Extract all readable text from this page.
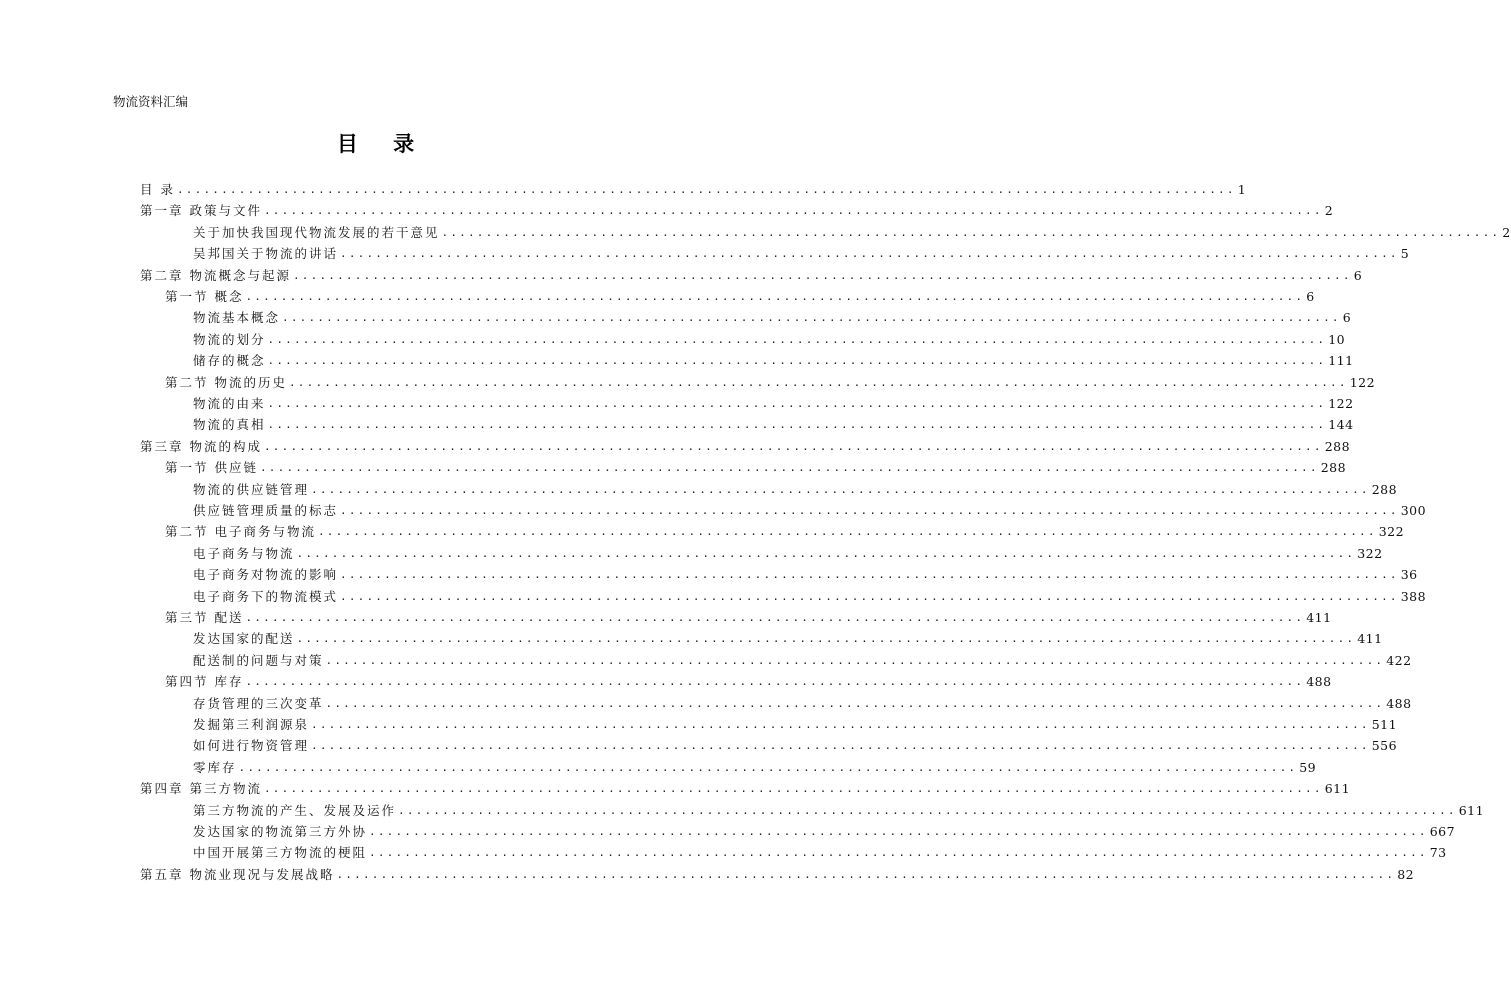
物流资料汇编
目 录
目 录 ........................................................................................................................ 1
第一章 政策与文件 ........................................................................................................................ 2
关于加快我国现代物流发展的若干意见 ........................................................................................................................ 2
吴邦国关于物流的讲话 ........................................................................................................................ 5
第二章 物流概念与起源 ........................................................................................................................ 6
第一节 概念 ........................................................................................................................ 6
物流基本概念 ........................................................................................................................ 6
物流的划分 ........................................................................................................................ 10
储存的概念 ........................................................................................................................ 111
第二节 物流的历史 ........................................................................................................................ 122
物流的由来 ........................................................................................................................ 122
物流的真相 ........................................................................................................................ 144
第三章 物流的构成 ........................................................................................................................ 288
第一节 供应链 ........................................................................................................................ 288
物流的供应链管理 ........................................................................................................................ 288
供应链管理质量的标志 ........................................................................................................................ 300
第二节 电子商务与物流 ........................................................................................................................ 322
电子商务与物流 ........................................................................................................................ 322
电子商务对物流的影响 ........................................................................................................................ 36
电子商务下的物流模式 ........................................................................................................................ 388
第三节 配送 ........................................................................................................................ 411
发达国家的配送 ........................................................................................................................ 411
配送制的问题与对策 ........................................................................................................................ 422
第四节 库存 ........................................................................................................................ 488
存货管理的三次变革 ........................................................................................................................ 488
发掘第三利润源泉 ........................................................................................................................ 511
如何进行物资管理 ........................................................................................................................ 556
零库存 ........................................................................................................................ 59
第四章 第三方物流 ........................................................................................................................ 611
第三方物流的产生、发展及运作 ........................................................................................................................ 611
发达国家的物流第三方外协 ........................................................................................................................ 667
中国开展第三方物流的梗阻 ........................................................................................................................ 73
第五章 物流业现况与发展战略 ........................................................................................................................ 82
